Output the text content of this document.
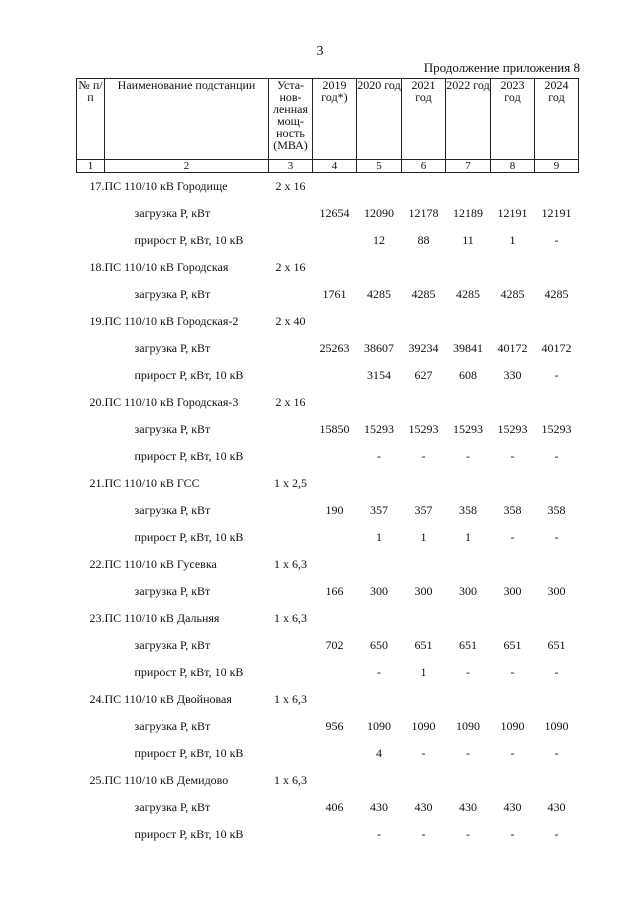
3
Продолжение приложения 8
№ п/п	Наименование подстанции	Уста-нов-ленная мощ-ность (МВА)	2019 год*)	2020 год	2021 год	2022 год	2023 год	2024 год
1	2	3	4	5	6	7	8	9
17.	ПС 110/10 кВ Городище	2 х 16						
	загрузка Р, кВт		12654	12090	12178	12189	12191	12191
	прирост Р, кВт, 10 кВ			12	88	11	1	-
18.	ПС 110/10 кВ Городская	2 х 16						
	загрузка Р, кВт		1761	4285	4285	4285	4285	4285
19.	ПС 110/10 кВ Городская-2	2 х 40						
	загрузка Р, кВт		25263	38607	39234	39841	40172	40172
	прирост Р, кВт, 10 кВ			3154	627	608	330	-
20.	ПС 110/10 кВ Городская-3	2 х 16						
	загрузка Р, кВт		15850	15293	15293	15293	15293	15293
	прирост Р, кВт, 10 кВ			-	-	-	-	-
21.	ПС 110/10 кВ ГСС	1 х 2,5						
	загрузка Р, кВт		190	357	357	358	358	358
	прирост Р, кВт, 10 кВ			1	1	1	-	-
22.	ПС 110/10 кВ Гусевка	1 х 6,3						
	загрузка Р, кВт		166	300	300	300	300	300
23.	ПС 110/10 кВ Дальняя	1 х 6,3						
	загрузка Р, кВт		702	650	651	651	651	651
	прирост Р, кВт, 10 кВ			-	1	-	-	-
24.	ПС 110/10 кВ Двойновая	1 х 6,3						
	загрузка Р, кВт		956	1090	1090	1090	1090	1090
	прирост Р, кВт, 10 кВ			4	-	-	-	-
25.	ПС 110/10 кВ Демидово	1 х 6,3						
	загрузка Р, кВт		406	430	430	430	430	430
	прирост Р, кВт, 10 кВ			-	-	-	-	-
